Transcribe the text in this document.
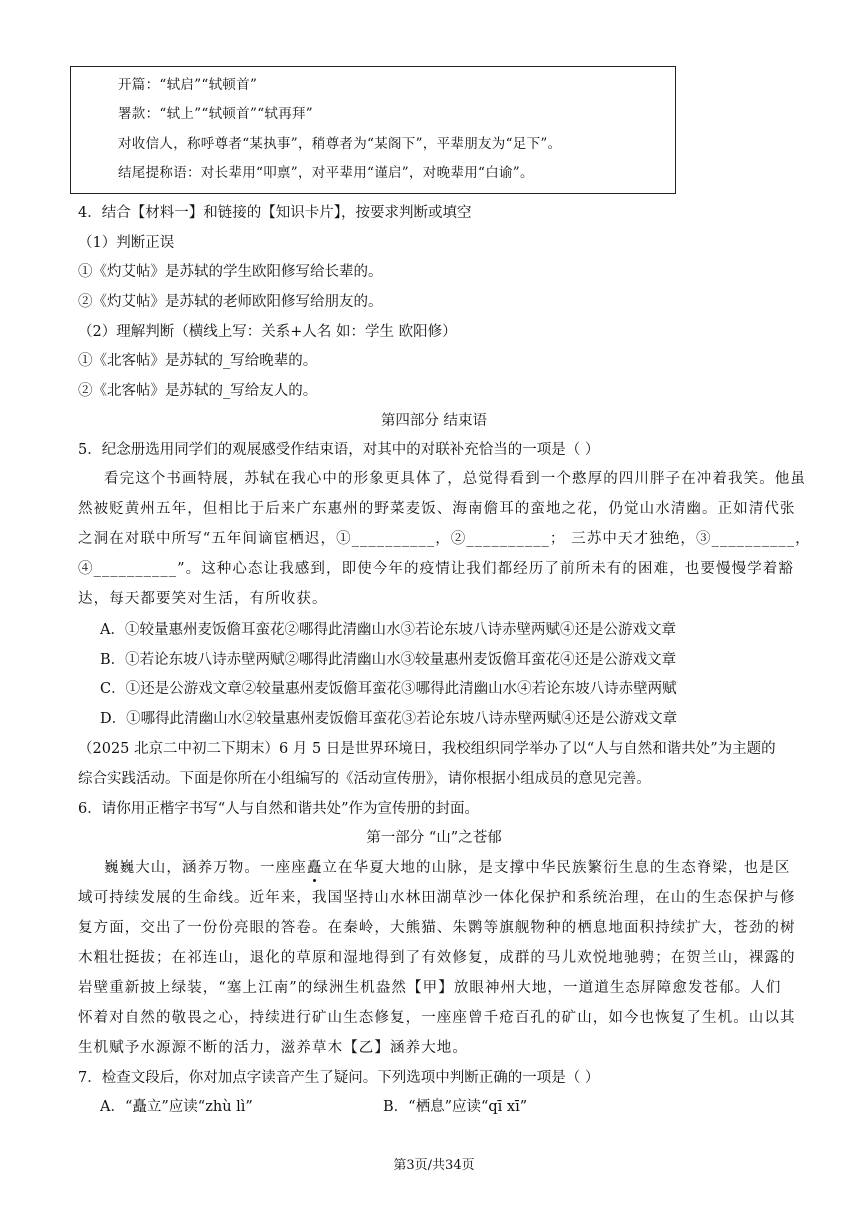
开篇：“轼启”“轼顿首”
署款：“轼上”“轼顿首”“轼再拜”
对收信人，称呼尊者“某执事”，稍尊者为“某阁下”，平辈朋友为“足下”。
结尾提称语：对长辈用“叩禀”，对平辈用“谨启”，对晚辈用“白谕”。
4．结合【材料一】和链接的【知识卡片】，按要求判断或填空
（1）判断正误
①《灼艾帖》是苏轼的学生欧阳修写给长辈的。
②《灼艾帖》是苏轼的老师欧阳修写给朋友的。
（2）理解判断（横线上写：关系+人名 如：学生 欧阳修）
①《北客帖》是苏轼的_写给晚辈的。
②《北客帖》是苏轼的_写给友人的。
第四部分 结束语
5．纪念册选用同学们的观展感受作结束语，对其中的对联补充恰当的一项是（ ）
看完这个书画特展，苏轼在我心中的形象更具体了，总觉得看到一个憨厚的四川胖子在冲着我笑。他虽
然被贬黄州五年，但相比于后来广东惠州的野菜麦饭、海南儋耳的蛮地之花，仍觉山水清幽。正如清代张
之洞在对联中所写“五年间谪宦栖迟，①__________，②__________； 三苏中天才独绝，③__________，
④__________”。这种心态让我感到，即使今年的疫情让我们都经历了前所未有的困难，也要慢慢学着豁
达，每天都要笑对生活，有所收获。
A．①较量惠州麦饭儋耳蛮花②哪得此清幽山水③若论东坡八诗赤壁两赋④还是公游戏文章
B．①若论东坡八诗赤壁两赋②哪得此清幽山水③较量惠州麦饭儋耳蛮花④还是公游戏文章
C．①还是公游戏文章②较量惠州麦饭儋耳蛮花③哪得此清幽山水④若论东坡八诗赤壁两赋
D．①哪得此清幽山水②较量惠州麦饭儋耳蛮花③若论东坡八诗赤壁两赋④还是公游戏文章
（2025 北京二中初二下期末）6 月 5 日是世界环境日，我校组织同学举办了以“人与自然和谐共处”为主题的
综合实践活动。下面是你所在小组编写的《活动宣传册》，请你根据小组成员的意见完善。
6．请你用正楷字书写“人与自然和谐共处”作为宣传册的封面。
第一部分 “山”之苍郁
巍巍大山，涵养万物。一座座矗立在华夏大地的山脉，是支撑中华民族繁衍生息的生态脊梁，也是区
域可持续发展的生命线。近年来，我国坚持山水林田湖草沙一体化保护和系统治理，在山的生态保护与修
复方面，交出了一份份亮眼的答卷。在秦岭，大熊猫、朱鹮等旗舰物种的栖息地面积持续扩大，苍劲的树
木粗壮挺拔；在祁连山，退化的草原和湿地得到了有效修复，成群的马儿欢悦地驰骋；在贺兰山，裸露的
岩壁重新披上绿装，“塞上江南”的绿洲生机盎然【甲】放眼神州大地，一道道生态屏障愈发苍郁。人们
怀着对自然的敬畏之心，持续进行矿山生态修复，一座座曾千疮百孔的矿山，如今也恢复了生机。山以其
生机赋予水源源不断的活力，滋养草木【乙】涵养大地。
7．检查文段后，你对加点字读音产生了疑问。下列选项中判断正确的一项是（ ）
A．“矗立”应读“zhù lì”	B．“栖息”应读“qī xī”
第3页/共34页
